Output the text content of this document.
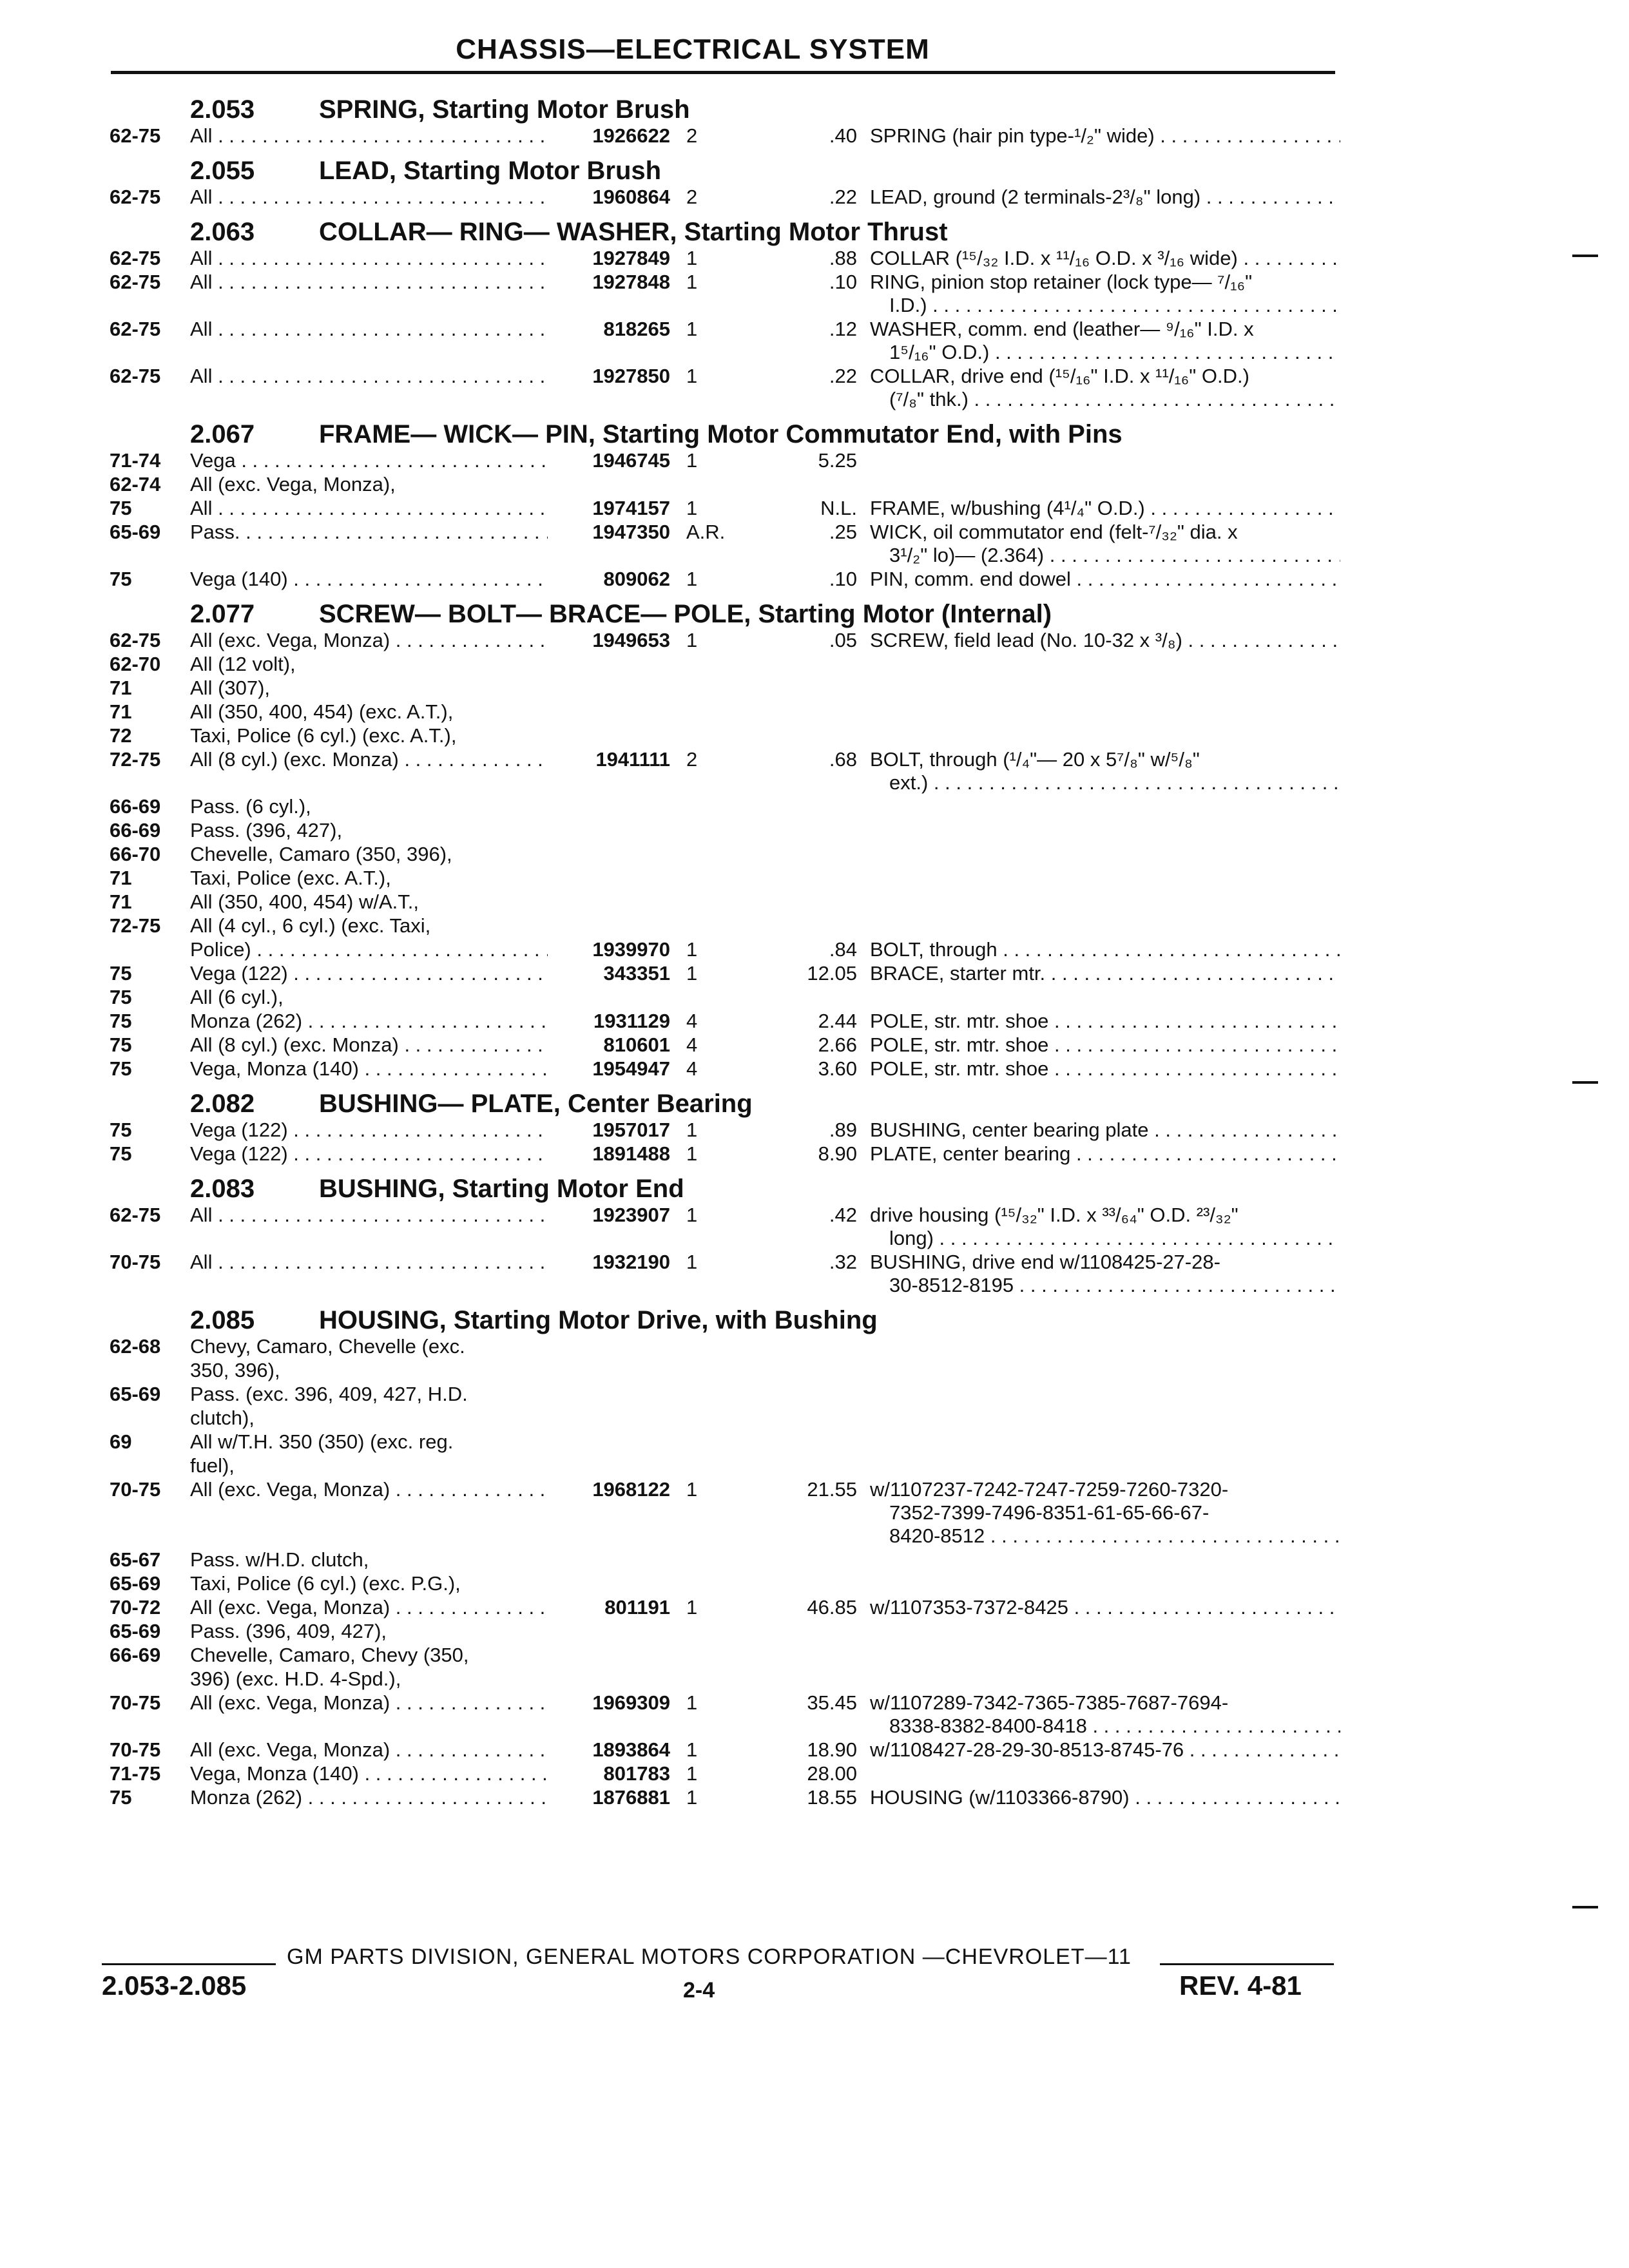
CHASSIS—ELECTRICAL SYSTEM
2.053	SPRING, Starting Motor Brush
62-75	All . . .	1926622 2	.40 SPRING (hair pin type-¹/₂" wide) . . .
2.055	LEAD, Starting Motor Brush
62-75	All . . .	1960864 2	.22 LEAD, ground (2 terminals-2³/₈" long) . . .
2.063	COLLAR— RING— WASHER, Starting Motor Thrust
62-75	All . . .	1927849 1	.88 COLLAR (¹⁵/₃₂ I.D. x ¹¹/₁₆ O.D. x ³/₁₆ wide) . . .
62-75	All . . .	1927848 1	.10 RING, pinion stop retainer (lock type— ⁷/₁₆"
I.D.) . . .
62-75	All . . .	818265 1	.12 WASHER, comm. end (leather— ⁹/₁₆" I.D. x
1⁵/₁₆" O.D.) . . .
62-75	All . . .	1927850 1	.22 COLLAR, drive end (¹⁵/₁₆" I.D. x ¹¹/₁₆" O.D.)
(⁷/₈" thk.) . . .
2.067	FRAME— WICK— PIN, Starting Motor Commutator End, with Pins
71-74	Vega . . .	1946745 1	5.25
62-74	All (exc. Vega, Monza),
75	All . . .	1974157 1	N.L. FRAME, w/bushing (4¹/₄" O.D.) . . .
65-69	Pass. . . .	1947350 A.R.	.25 WICK, oil commutator end (felt-⁷/₃₂" dia. x
3¹/₂" lo)— (2.364) . . .
75	Vega (140) . . .	809062 1	.10 PIN, comm. end dowel . . .
2.077	SCREW— BOLT— BRACE— POLE, Starting Motor (Internal)
62-75	All (exc. Vega, Monza) . . .	1949653 1	.05 SCREW, field lead (No. 10-32 x ³/₈) . . .
62-70	All (12 volt),
71	All (307),
71	All (350, 400, 454) (exc. A.T.),
72	Taxi, Police (6 cyl.) (exc. A.T.),
72-75	All (8 cyl.) (exc. Monza) . . .	1941111 2	.68 BOLT, through (¹/₄"— 20 x 5⁷/₈" w/⁵/₈"
ext.) . . .
66-69	Pass. (6 cyl.),
66-69	Pass. (396, 427),
66-70	Chevelle, Camaro (350, 396),
71	Taxi, Police (exc. A.T.),
71	All (350, 400, 454) w/A.T.,
72-75	All (4 cyl., 6 cyl.) (exc. Taxi,
Police) . . .	1939970 1	.84 BOLT, through . . .
75	Vega (122) . . .	343351 1	12.05 BRACE, starter mtr. . . .
75	All (6 cyl.),
75	Monza (262) . . .	1931129 4	2.44 POLE, str. mtr. shoe . . .
75	All (8 cyl.) (exc. Monza) . . .	810601 4	2.66 POLE, str. mtr. shoe . . .
75	Vega, Monza (140) . . .	1954947 4	3.60 POLE, str. mtr. shoe . . .
2.082	BUSHING— PLATE, Center Bearing
75	Vega (122) . . .	1957017 1	.89 BUSHING, center bearing plate . . .
75	Vega (122) . . .	1891488 1	8.90 PLATE, center bearing . . .
2.083	BUSHING, Starting Motor End
62-75	All . . .	1923907 1	.42 drive housing (¹⁵/₃₂" I.D. x ³³/₆₄" O.D. ²³/₃₂"
long) . . .
70-75	All . . .	1932190 1	.32 BUSHING, drive end w/1108425-27-28-
30-8512-8195 . . .
2.085	HOUSING, Starting Motor Drive, with Bushing
62-68	Chevy, Camaro, Chevelle (exc.
350, 396),
65-69	Pass. (exc. 396, 409, 427, H.D.
clutch),
69	All w/T.H. 350 (350) (exc. reg.
fuel),
70-75	All (exc. Vega, Monza) . . .	1968122 1	21.55 w/1107237-7242-7247-7259-7260-7320-
7352-7399-7496-8351-61-65-66-67-
8420-8512 . . .
65-67	Pass. w/H.D. clutch,
65-69	Taxi, Police (6 cyl.) (exc. P.G.),
70-72	All (exc. Vega, Monza) . . .	801191 1	46.85 w/1107353-7372-8425 . . .
65-69	Pass. (396, 409, 427),
66-69	Chevelle, Camaro, Chevy (350,
396) (exc. H.D. 4-Spd.),
70-75	All (exc. Vega, Monza) . . .	1969309 1	35.45 w/1107289-7342-7365-7385-7687-7694-
8338-8382-8400-8418 . . .
70-75	All (exc. Vega, Monza) . . .	1893864 1	18.90 w/1108427-28-29-30-8513-8745-76 . . .
71-75	Vega, Monza (140) . . .	801783 1	28.00
75	Monza (262) . . .	1876881 1	18.55 HOUSING (w/1103366-8790) . . .
GM PARTS DIVISION, GENERAL MOTORS CORPORATION —CHEVROLET—11
2.053-2.085	2-4	REV. 4-81
